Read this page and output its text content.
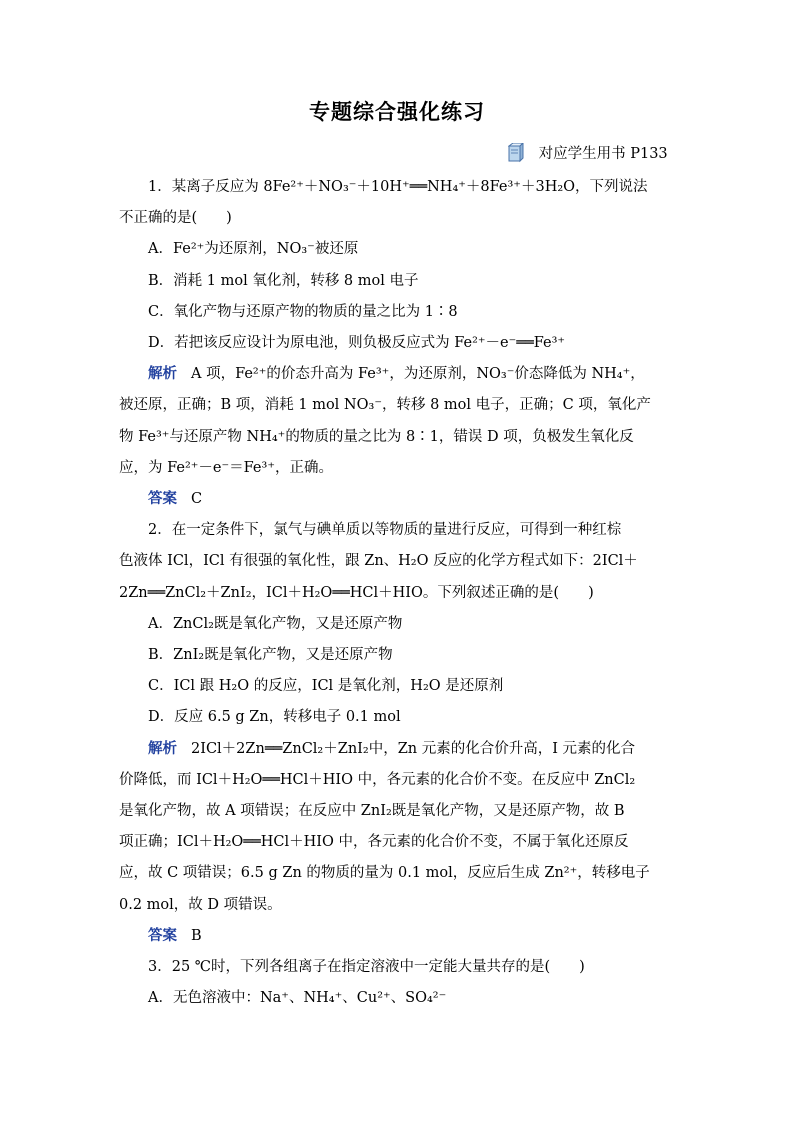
专题综合强化练习
对应学生用书 P133
1．某离子反应为 8Fe²⁺＋NO₃⁻＋10H⁺══NH₄⁺＋8Fe³⁺＋3H₂O，下列说法
不正确的是(　　)
A．Fe²⁺为还原剂，NO₃⁻被还原
B．消耗 1 mol 氧化剂，转移 8 mol 电子
C．氧化产物与还原产物的物质的量之比为 1∶8
D．若把该反应设计为原电池，则负极反应式为 Fe²⁺－e⁻══Fe³⁺
解析 A 项，Fe²⁺的价态升高为 Fe³⁺，为还原剂，NO₃⁻价态降低为 NH₄⁺，
被还原，正确；B 项，消耗 1 mol NO₃⁻，转移 8 mol 电子，正确；C 项，氧化产
物 Fe³⁺与还原产物 NH₄⁺的物质的量之比为 8∶1，错误 D 项，负极发生氧化反
应，为 Fe²⁺－e⁻＝Fe³⁺，正确。
答案 C
2．在一定条件下，氯气与碘单质以等物质的量进行反应，可得到一种红棕
色液体 ICl，ICl 有很强的氧化性，跟 Zn、H₂O 反应的化学方程式如下：2ICl＋
2Zn══ZnCl₂＋ZnI₂，ICl＋H₂O══HCl＋HIO。下列叙述正确的是(　　)
A．ZnCl₂既是氧化产物，又是还原产物
B．ZnI₂既是氧化产物，又是还原产物
C．ICl 跟 H₂O 的反应，ICl 是氧化剂，H₂O 是还原剂
D．反应 6.5 g Zn，转移电子 0.1 mol
解析 2ICl＋2Zn══ZnCl₂＋ZnI₂中，Zn 元素的化合价升高，I 元素的化合
价降低，而 ICl＋H₂O══HCl＋HIO 中，各元素的化合价不变。在反应中 ZnCl₂
是氧化产物，故 A 项错误；在反应中 ZnI₂既是氧化产物，又是还原产物，故 B
项正确；ICl＋H₂O══HCl＋HIO 中，各元素的化合价不变，不属于氧化还原反
应，故 C 项错误；6.5 g Zn 的物质的量为 0.1 mol，反应后生成 Zn²⁺，转移电子
0.2 mol，故 D 项错误。
答案 B
3．25 ℃时，下列各组离子在指定溶液中一定能大量共存的是(　　)
A．无色溶液中：Na⁺、NH₄⁺、Cu²⁺、SO₄²⁻
